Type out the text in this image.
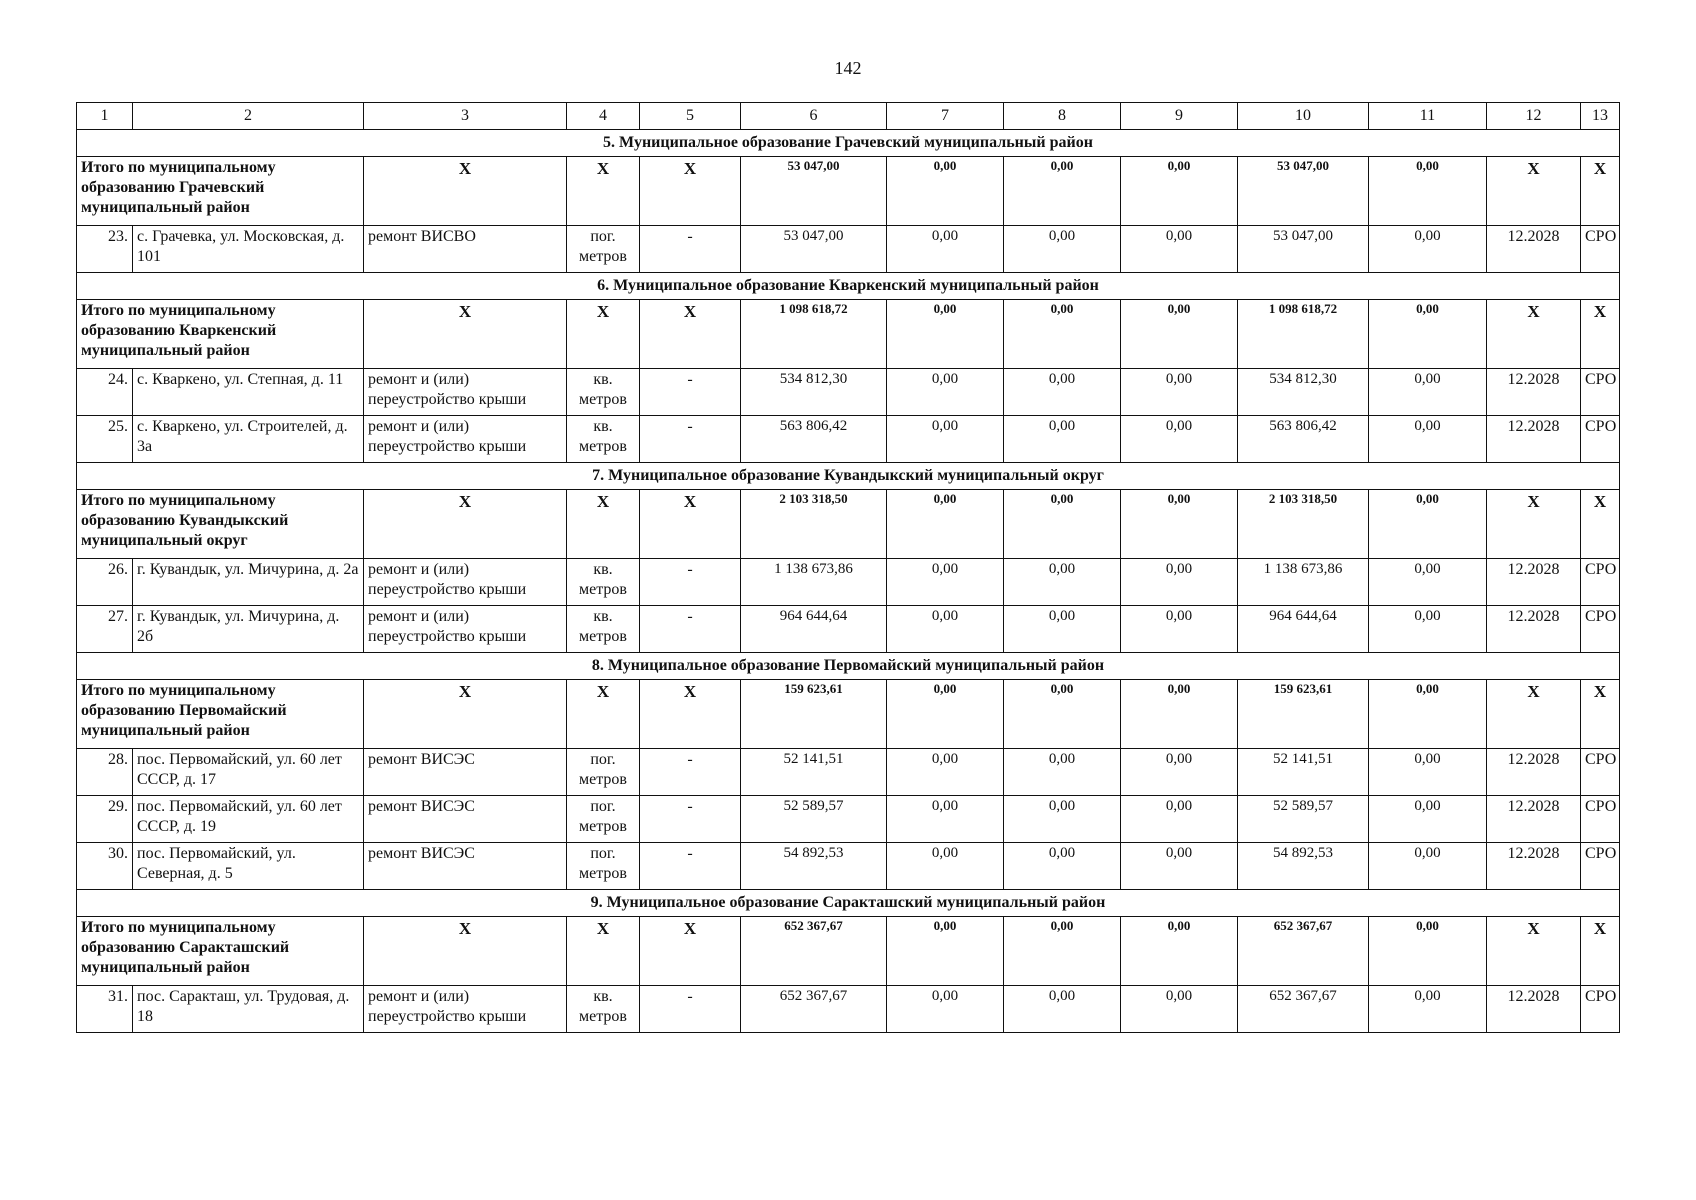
142
1	2	3	4	5	6	7	8	9	10	11	12	13
5. Муниципальное образование Грачевский муниципальный район												
Итого по муниципальному образованию Грачевский муниципальный район		X	X	X	53 047,00	0,00	0,00	0,00	53 047,00	0,00	X	X
23.	с. Грачевка, ул. Московская, д. 101	ремонт ВИСВО	пог. метров	-	53 047,00	0,00	0,00	0,00	53 047,00	0,00	12.2028	СРО
6. Муниципальное образование Кваркенский муниципальный район												
Итого по муниципальному образованию Кваркенский муниципальный район		X	X	X	1 098 618,72	0,00	0,00	0,00	1 098 618,72	0,00	X	X
24.	с. Кваркено, ул. Степная, д. 11	ремонт и (или) переустройство крыши	кв. метров	-	534 812,30	0,00	0,00	0,00	534 812,30	0,00	12.2028	СРО
25.	с. Кваркено, ул. Строителей, д. 3а	ремонт и (или) переустройство крыши	кв. метров	-	563 806,42	0,00	0,00	0,00	563 806,42	0,00	12.2028	СРО
7. Муниципальное образование Кувандыкский муниципальный округ												
Итого по муниципальному образованию Кувандыкский муниципальный округ		X	X	X	2 103 318,50	0,00	0,00	0,00	2 103 318,50	0,00	X	X
26.	г. Кувандык, ул. Мичурина, д. 2а	ремонт и (или) переустройство крыши	кв. метров	-	1 138 673,86	0,00	0,00	0,00	1 138 673,86	0,00	12.2028	СРО
27.	г. Кувандык, ул. Мичурина, д. 2б	ремонт и (или) переустройство крыши	кв. метров	-	964 644,64	0,00	0,00	0,00	964 644,64	0,00	12.2028	СРО
8. Муниципальное образование Первомайский муниципальный район												
Итого по муниципальному образованию Первомайский муниципальный район		X	X	X	159 623,61	0,00	0,00	0,00	159 623,61	0,00	X	X
28.	пос. Первомайский, ул. 60 лет СССР, д. 17	ремонт ВИСЭС	пог. метров	-	52 141,51	0,00	0,00	0,00	52 141,51	0,00	12.2028	СРО
29.	пос. Первомайский, ул. 60 лет СССР, д. 19	ремонт ВИСЭС	пог. метров	-	52 589,57	0,00	0,00	0,00	52 589,57	0,00	12.2028	СРО
30.	пос. Первомайский, ул. Северная, д. 5	ремонт ВИСЭС	пог. метров	-	54 892,53	0,00	0,00	0,00	54 892,53	0,00	12.2028	СРО
9. Муниципальное образование Саракташский муниципальный район												
Итого по муниципальному образованию Саракташский муниципальный район		X	X	X	652 367,67	0,00	0,00	0,00	652 367,67	0,00	X	X
31.	пос. Саракташ, ул. Трудовая, д. 18	ремонт и (или) переустройство крыши	кв. метров	-	652 367,67	0,00	0,00	0,00	652 367,67	0,00	12.2028	СРО
